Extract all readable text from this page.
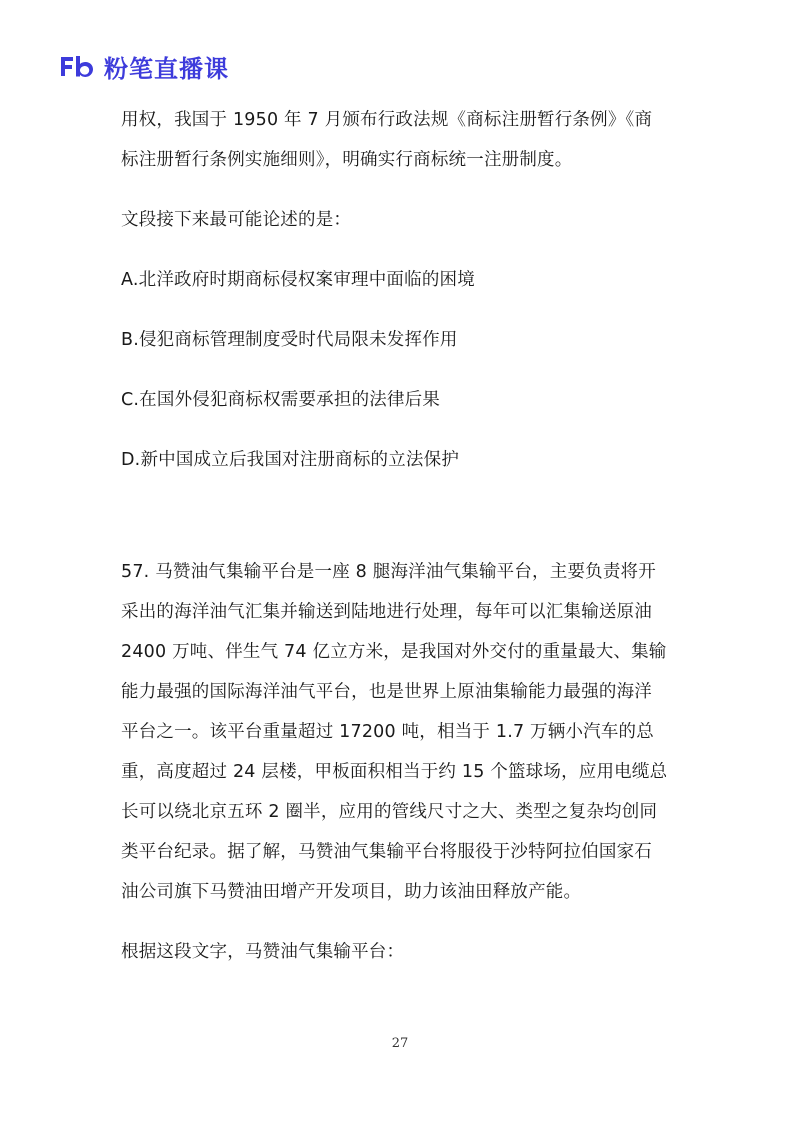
粉笔直播课
用权，我国于 1950 年 7 月颁布行政法规《商标注册暂行条例》《商
标注册暂行条例实施细则》，明确实行商标统一注册制度。
文段接下来最可能论述的是：
A.北洋政府时期商标侵权案审理中面临的困境
B.侵犯商标管理制度受时代局限未发挥作用
C.在国外侵犯商标权需要承担的法律后果
D.新中国成立后我国对注册商标的立法保护
57. 马赞油气集输平台是一座 8 腿海洋油气集输平台，主要负责将开
采出的海洋油气汇集并输送到陆地进行处理，每年可以汇集输送原油
2400 万吨、伴生气 74 亿立方米，是我国对外交付的重量最大、集输
能力最强的国际海洋油气平台，也是世界上原油集输能力最强的海洋
平台之一。该平台重量超过 17200 吨，相当于 1.7 万辆小汽车的总
重，高度超过 24 层楼，甲板面积相当于约 15 个篮球场，应用电缆总
长可以绕北京五环 2 圈半，应用的管线尺寸之大、类型之复杂均创同
类平台纪录。据了解，马赞油气集输平台将服役于沙特阿拉伯国家石
油公司旗下马赞油田增产开发项目，助力该油田释放产能。
根据这段文字，马赞油气集输平台：
27
